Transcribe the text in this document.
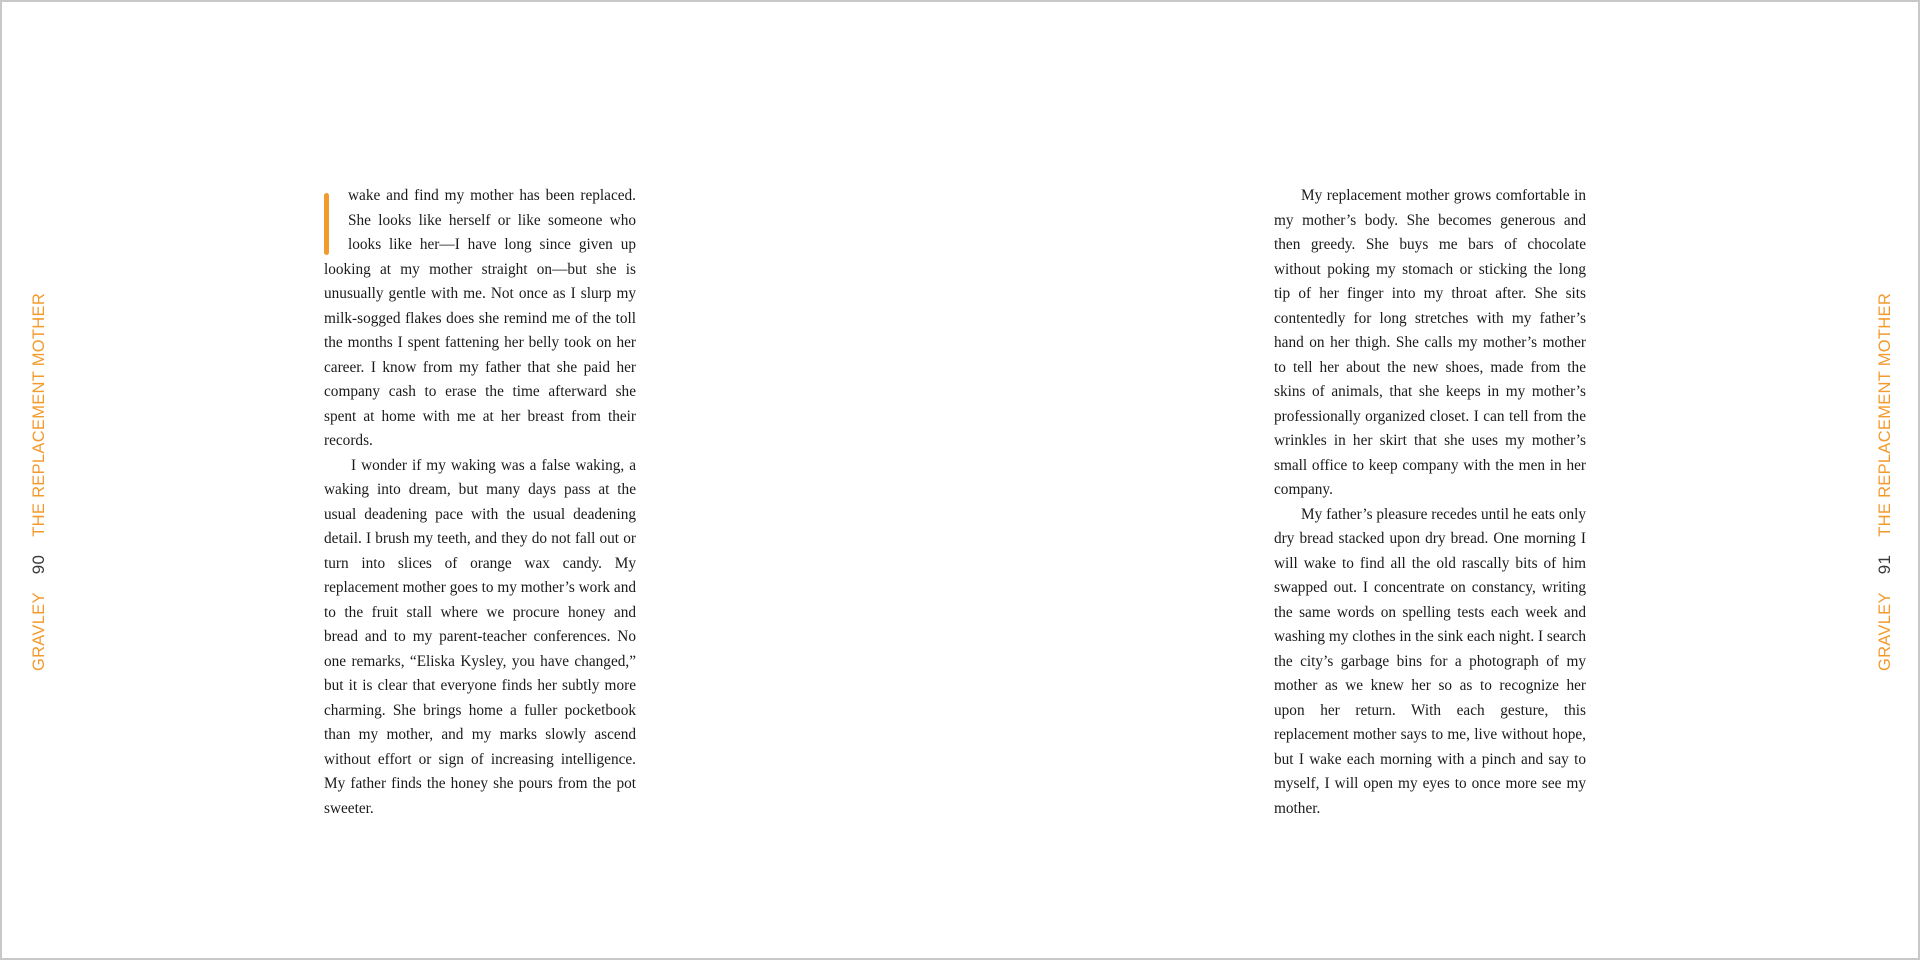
GRAVLEY
90
THE REPLACEMENT MOTHER

wake and find my mother has been replaced. She looks like herself or like someone who looks like her—I have long since given up looking at my mother straight on—but she is unusually gentle with me. Not once as I slurp my milk-sogged flakes does she remind me of the toll the months I spent fattening her belly took on her career. I know from my father that she paid her company cash to erase the time afterward she spent at home with me at her breast from their records.

I wonder if my waking was a false waking, a waking into dream, but many days pass at the usual deadening pace with the usual deadening detail. I brush my teeth, and they do not fall out or turn into slices of orange wax candy. My replacement mother goes to my mother’s work and to the fruit stall where we procure honey and bread and to my parent-teacher conferences. No one remarks, “Eliska Kysley, you have changed,” but it is clear that everyone finds her subtly more charming. She brings home a fuller pocketbook than my mother, and my marks slowly ascend without effort or sign of increasing intelligence. My father finds the honey she pours from the pot sweeter.

My replacement mother grows comfortable in my mother’s body. She becomes generous and then greedy. She buys me bars of chocolate without poking my stomach or sticking the long tip of her finger into my throat after. She sits contentedly for long stretches with my father’s hand on her thigh. She calls my mother’s mother to tell her about the new shoes, made from the skins of animals, that she keeps in my mother’s professionally organized closet. I can tell from the wrinkles in her skirt that she uses my mother’s small office to keep company with the men in her company.

My father’s pleasure recedes until he eats only dry bread stacked upon dry bread. One morning I will wake to find all the old rascally bits of him swapped out. I concentrate on constancy, writing the same words on spelling tests each week and washing my clothes in the sink each night. I search the city’s garbage bins for a photograph of my mother as we knew her so as to recognize her upon her return. With each gesture, this replacement mother says to me, live without hope, but I wake each morning with a pinch and say to myself, I will open my eyes to once more see my mother.

GRAVLEY
91
THE REPLACEMENT MOTHER
